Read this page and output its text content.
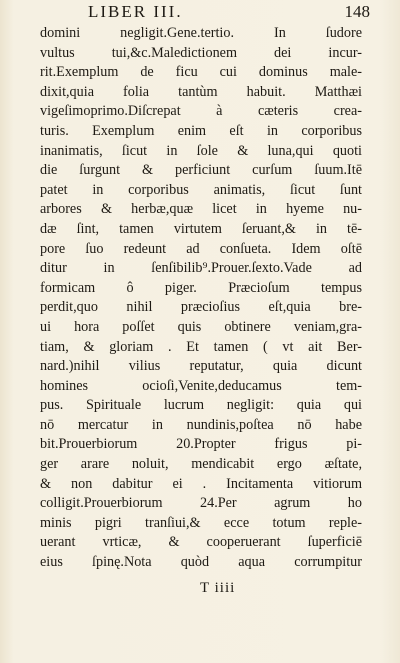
LIBER III.	148
domini negligit.Gene.tertio. In ſudore
vultus tui,&c.Maledictionem dei incur-
rit.Exemplum de ficu cui dominus male-
dixit,quia folia tantùm habuit. Matthæi
vigeſimoprimo.Diſcrepat à cæteris crea-
turis. Exemplum enim eſt in corporibus
inanimatis, ſicut in ſole & luna,qui quoti
die ſurgunt & perficiunt curſum ſuum.Itē
patet in corporibus animatis, ſicut ſunt
arbores & herbæ,quæ licet in hyeme nu-
dæ ſint, tamen virtutem ſeruant,& in tē-
pore ſuo redeunt ad conſueta. Idem oſtē
ditur in ſenſibilib⁹.Prouer.ſexto.Vade ad
formicam ô piger. Præcioſum tempus
perdit,quo nihil præcioſius eſt,quia bre-
ui hora poſſet quis obtinere veniam,gra-
tiam, & gloriam . Et tamen ( vt ait Ber-
nard.)nihil vilius reputatur, quia dicunt
homines ocioſi,Venite,deducamus tem-
pus. Spirituale lucrum negligit: quia qui
nō mercatur in nundinis,poſtea nō habe
bit.Prouerbiorum 20.Propter frigus pi-
ger arare noluit, mendicabit ergo æſtate,
& non dabitur ei . Incitamenta vitiorum
colligit.Prouerbiorum 24.Per agrum ho
minis pigri tranſiui,& ecce totum reple-
uerant vrticæ, & cooperuerant ſuperficiē
eius ſpinę.Nota quòd aqua corrumpitur
T iiii
